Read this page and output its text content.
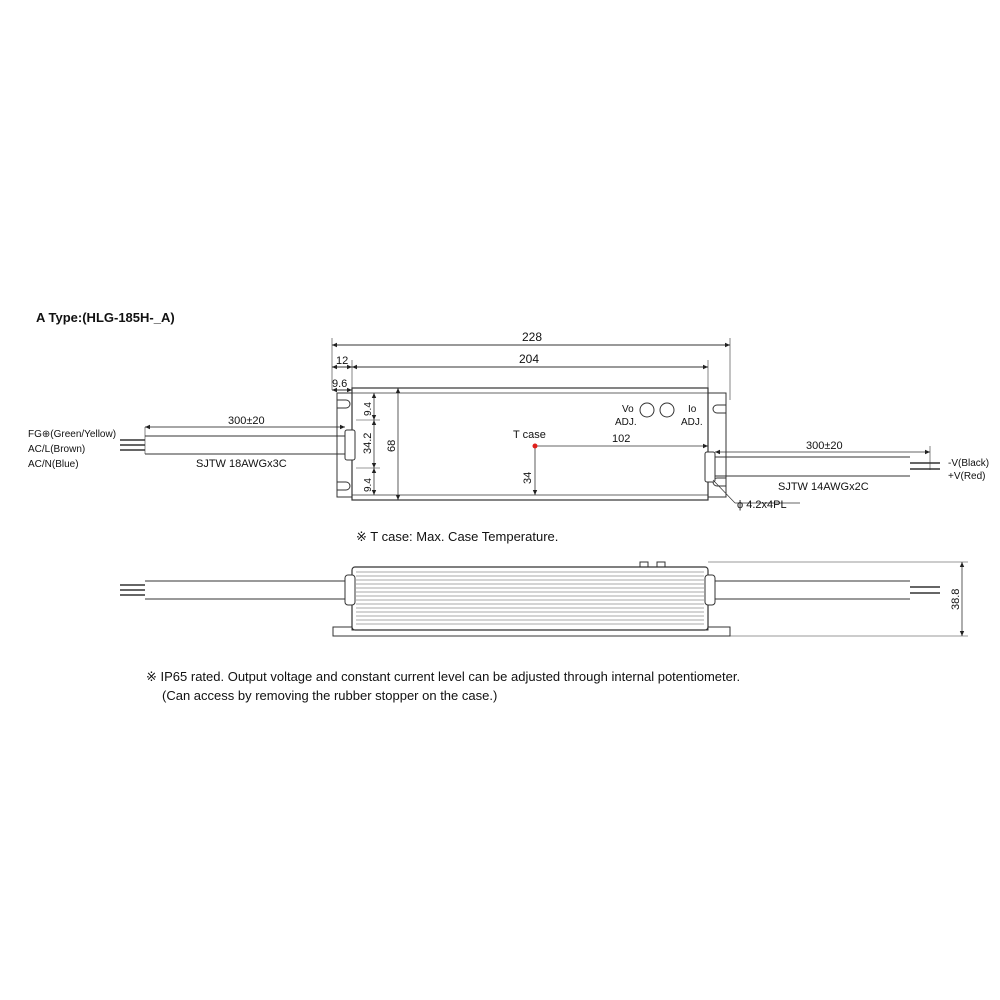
A Type:(HLG-185H-_A)
228
12	204
9.6
9.4
34.2
9.4
68
102
34
T case
Vo
ADJ.
Io
ADJ.
300±20
SJTW 18AWGx3C
FG⊕(Green/Yellow)
AC/L(Brown)
AC/N(Blue)
300±20
SJTW 14AWGx2C
-V(Black)
+V(Red)
ϕ 4.2x4PL
※ T case: Max. Case Temperature.
38.8
※ IP65 rated. Output voltage and constant current level can be adjusted through internal potentiometer.
(Can access by removing the rubber stopper on the case.)
